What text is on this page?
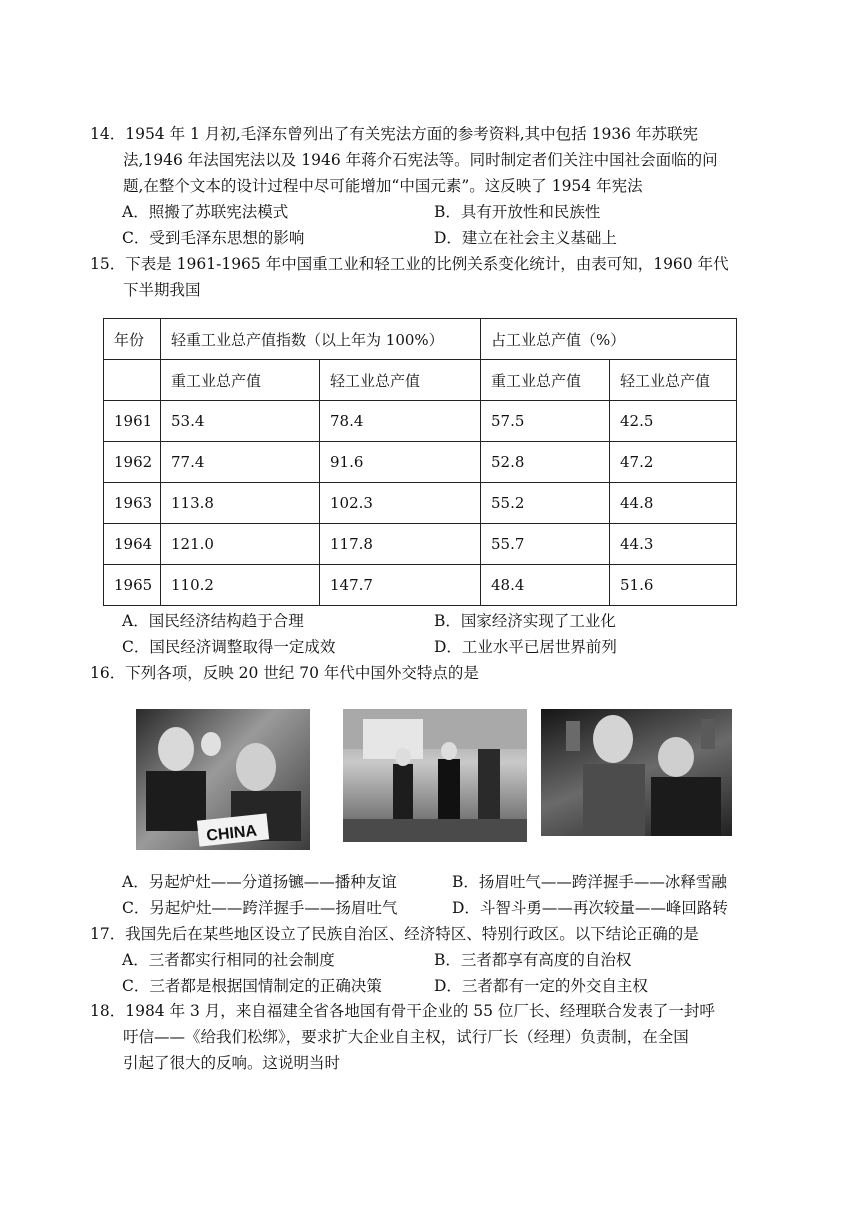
14．1954 年 1 月初,毛泽东曾列出了有关宪法方面的参考资料,其中包括 1936 年苏联宪
法,1946 年法国宪法以及 1946 年蒋介石宪法等。同时制定者们关注中国社会面临的问
题,在整个文本的设计过程中尽可能增加“中国元素”。这反映了 1954 年宪法
A．照搬了苏联宪法模式	B．具有开放性和民族性
C．受到毛泽东思想的影响	D．建立在社会主义基础上
15．下表是 1961-1965 年中国重工业和轻工业的比例关系变化统计，由表可知，1960 年代
下半期我国
年份	轻重工业总产值指数（以上年为 100%）		占工业总产值（%）	
	重工业总产值	轻工业总产值	重工业总产值	轻工业总产值
1961	53.4	78.4	57.5	42.5
1962	77.4	91.6	52.8	47.2
1963	113.8	102.3	55.2	44.8
1964	121.0	117.8	55.7	44.3
1965	110.2	147.7	48.4	51.6
A．国民经济结构趋于合理	B．国家经济实现了工业化
C．国民经济调整取得一定成效	D．工业水平已居世界前列
16．下列各项，反映 20 世纪 70 年代中国外交特点的是
CHINA
A．另起炉灶——分道扬镳——播种友谊	B．扬眉吐气——跨洋握手——冰释雪融
C．另起炉灶——跨洋握手——扬眉吐气	D．斗智斗勇——再次较量——峰回路转
17．我国先后在某些地区设立了民族自治区、经济特区、特别行政区。以下结论正确的是
A．三者都实行相同的社会制度	B．三者都享有高度的自治权
C．三者都是根据国情制定的正确决策	D．三者都有一定的外交自主权
18．1984 年 3 月，来自福建全省各地国有骨干企业的 55 位厂长、经理联合发表了一封呼
吁信——《给我们松绑》，要求扩大企业自主权，试行厂长（经理）负责制，在全国
引起了很大的反响。这说明当时
